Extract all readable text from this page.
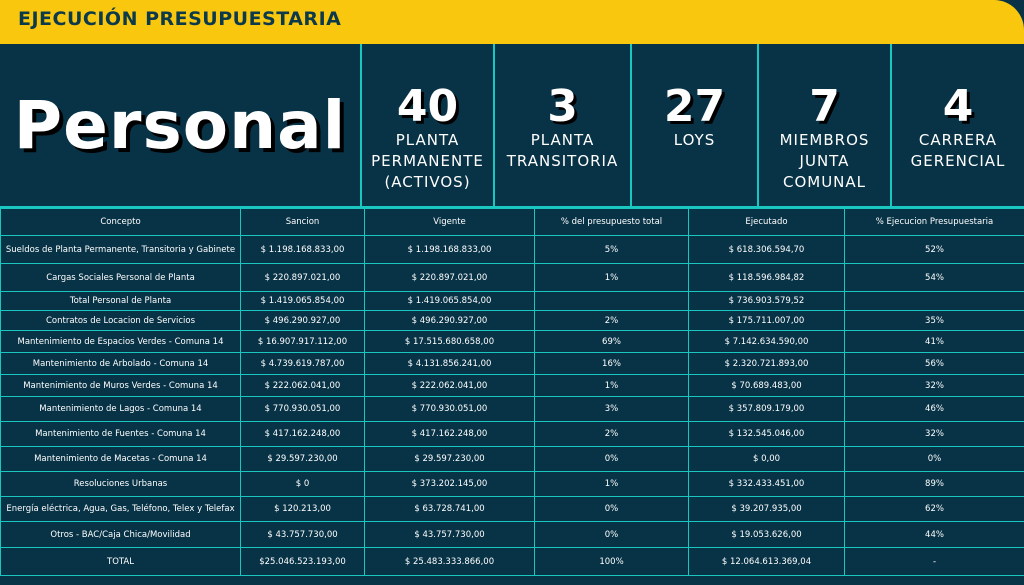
EJECUCIÓN PRESUPUESTARIA
Personal	40
PLANTA
PERMANENTE
(ACTIVOS)
3
PLANTA
TRANSITORIA
27
LOYS
7
MIEMBROS
JUNTA
COMUNAL
4
CARRERA
GERENCIAL
Concepto	Sancion	Vigente	% del presupuesto total	Ejecutado	% Ejecucion Presupuestaria
Sueldos de Planta Permanente, Transitoria y Gabinete	$ 1.198.168.833,00	$ 1.198.168.833,00	5%	$ 618.306.594,70	52%
Cargas Sociales Personal de Planta	$ 220.897.021,00	$ 220.897.021,00	1%	$ 118.596.984,82	54%
Total Personal de Planta	$ 1.419.065.854,00	$ 1.419.065.854,00		$ 736.903.579,52	
Contratos de Locacion de Servicios	$ 496.290.927,00	$ 496.290.927,00	2%	$ 175.711.007,00	35%
Mantenimiento de Espacios Verdes - Comuna 14	$ 16.907.917.112,00	$ 17.515.680.658,00	69%	$ 7.142.634.590,00	41%
Mantenimiento de Arbolado - Comuna 14	$ 4.739.619.787,00	$ 4.131.856.241,00	16%	$ 2.320.721.893,00	56%
Mantenimiento de Muros Verdes - Comuna 14	$ 222.062.041,00	$ 222.062.041,00	1%	$ 70.689.483,00	32%
Mantenimiento de Lagos - Comuna 14	$ 770.930.051,00	$ 770.930.051,00	3%	$ 357.809.179,00	46%
Mantenimiento de Fuentes - Comuna 14	$ 417.162.248,00	$ 417.162.248,00	2%	$ 132.545.046,00	32%
Mantenimiento de Macetas - Comuna 14	$ 29.597.230,00	$ 29.597.230,00	0%	$ 0,00	0%
Resoluciones Urbanas	$ 0	$ 373.202.145,00	1%	$ 332.433.451,00	89%
Energía eléctrica, Agua, Gas, Teléfono, Telex y Telefax	$ 120.213,00	$ 63.728.741,00	0%	$ 39.207.935,00	62%
Otros - BAC/Caja Chica/Movilidad	$ 43.757.730,00	$ 43.757.730,00	0%	$ 19.053.626,00	44%
TOTAL	$25.046.523.193,00	$ 25.483.333.866,00	100%	$ 12.064.613.369,04	-
